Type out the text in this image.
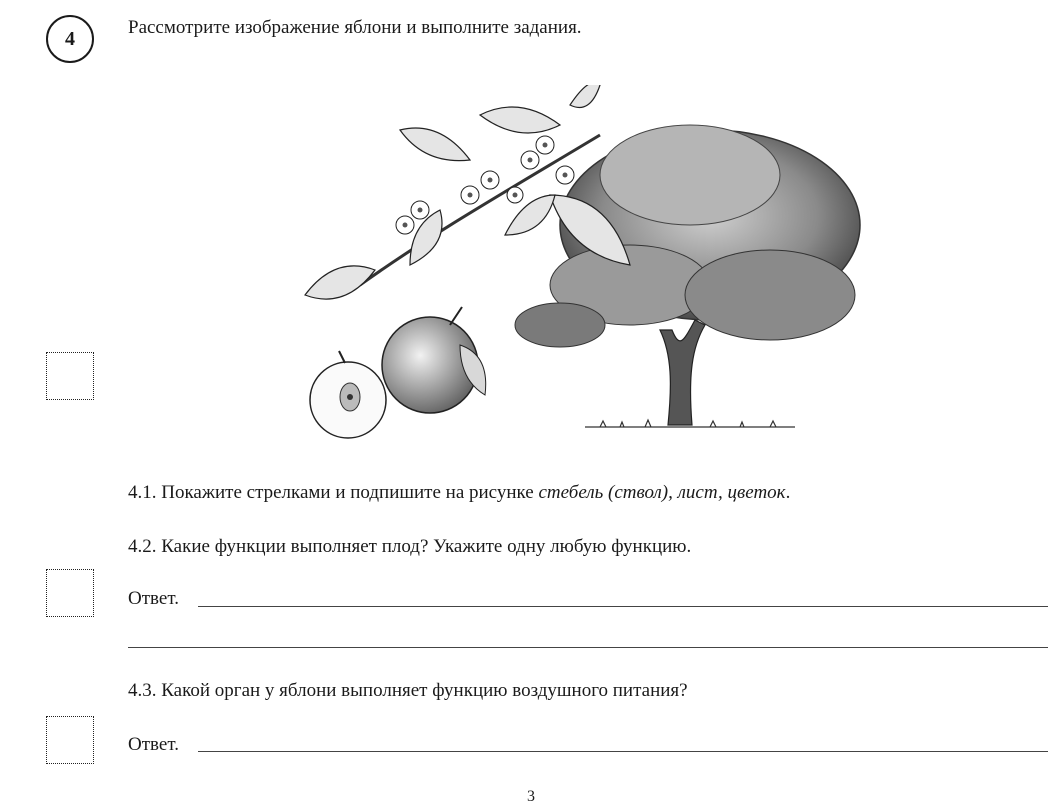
4	Рассмотрите изображение яблони и выполните задания.
4.1. Покажите стрелками и подпишите на рисунке стебель (ствол), лист, цветок.
4.2. Какие функции выполняет плод? Укажите одну любую функцию.
Ответ.
4.3. Какой орган у яблони выполняет функцию воздушного питания?
Ответ.
3
